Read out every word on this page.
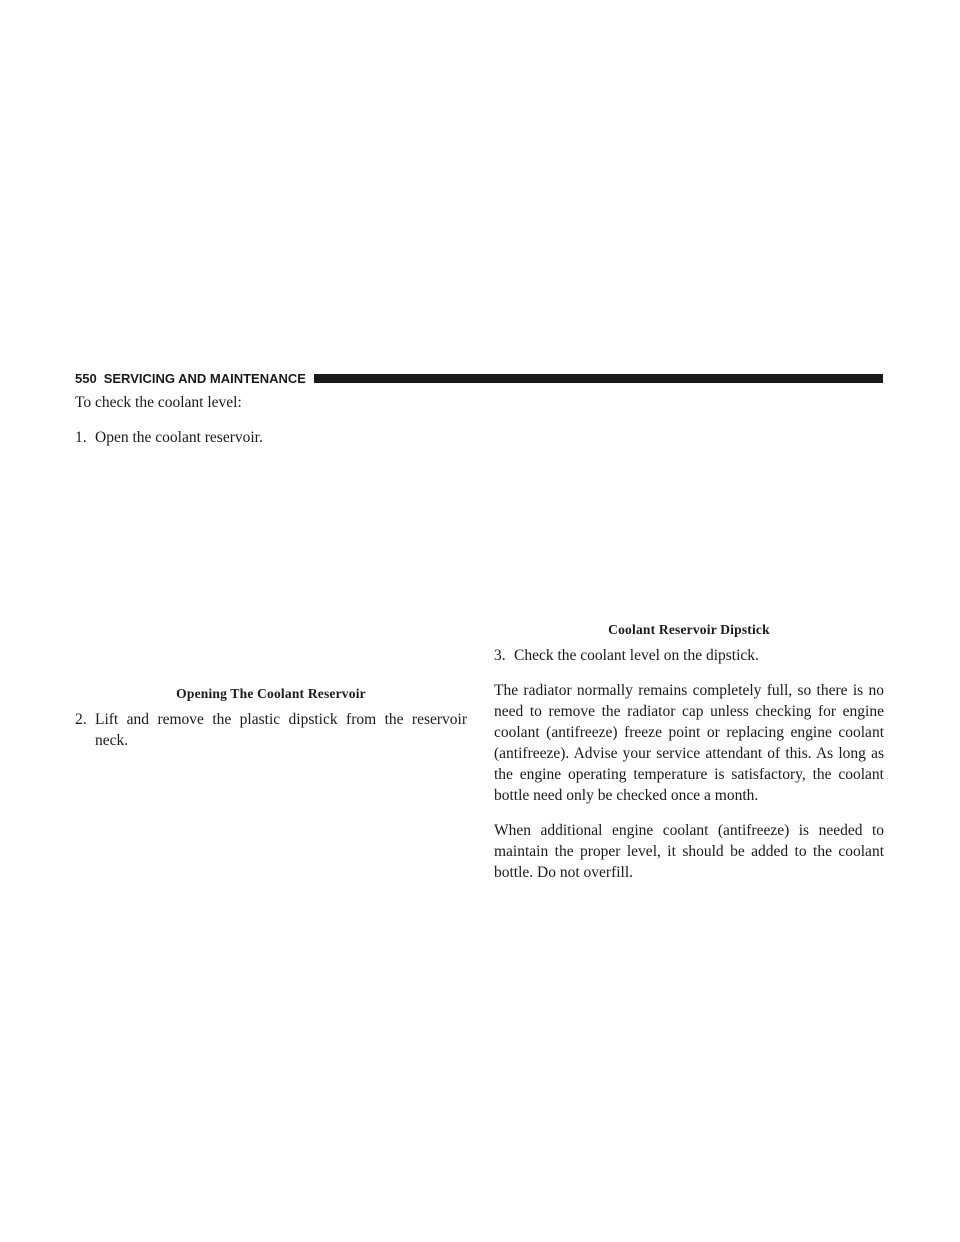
550 SERVICING AND MAINTENANCE

To check the coolant level:

1. Open the coolant reservoir.
Opening The Coolant Reservoir
2. Lift and remove the plastic dipstick from the reservoir neck.
Coolant Reservoir Dipstick
3. Check the coolant level on the dipstick.

The radiator normally remains completely full, so there is no need to remove the radiator cap unless checking for engine coolant (antifreeze) freeze point or replacing engine coolant (antifreeze). Advise your service attendant of this. As long as the engine operating temperature is satisfactory, the coolant bottle need only be checked once a month.

When additional engine coolant (antifreeze) is needed to maintain the proper level, it should be added to the coolant bottle. Do not overfill.
